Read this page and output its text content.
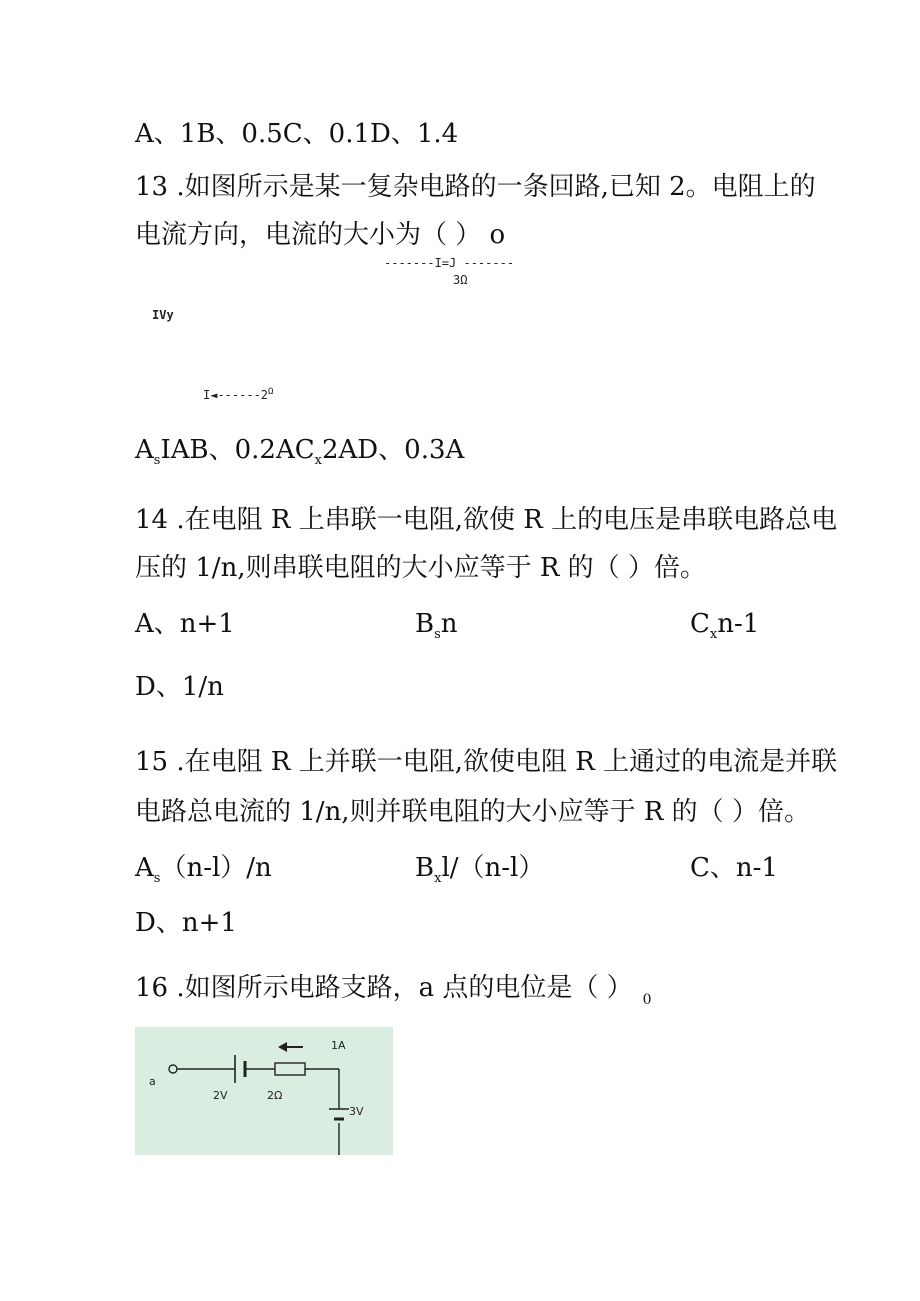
A、1B、0.5C、0.1D、1.4
13 .如图所示是某一复杂电路的一条回路,已知 2。电阻上的
电流方向，电流的大小为（ ） o
-------I=J -------
3Ω
IVy
$I◄------2^\Omega$
$A_sIAB$、$0.2AC_x2AD$、0.3A
14 .在电阻 R 上串联一电阻,欲使 R 上的电压是串联电路总电
压的 1/n,则串联电阻的大小应等于 R 的（ ）倍。
A、n+1	$B_sn$	$C_xn-1$
D、1/n
15 .在电阻 R 上并联一电阻,欲使电阻 R 上通过的电流是并联
电路总电流的 1/n,则并联电阻的大小应等于 R 的（ ）倍。
$A_s(n-l)/n$	$B_xl/(n-l)$	C、n-1
D、n+1
16 .如图所示电路支路，a 点的电位是（ ） $_0$
a
2V	2Ω
1A
3V
